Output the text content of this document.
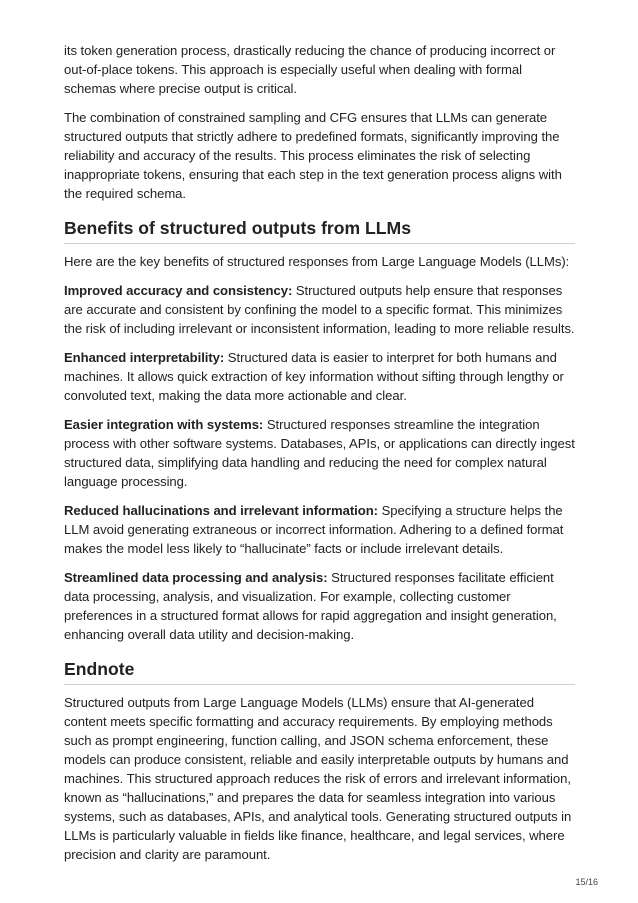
its token generation process, drastically reducing the chance of producing incorrect or out-of-place tokens. This approach is especially useful when dealing with formal schemas where precise output is critical.

The combination of constrained sampling and CFG ensures that LLMs can generate structured outputs that strictly adhere to predefined formats, significantly improving the reliability and accuracy of the results. This process eliminates the risk of selecting inappropriate tokens, ensuring that each step in the text generation process aligns with the required schema.

Benefits of structured outputs from LLMs

Here are the key benefits of structured responses from Large Language Models (LLMs):

Improved accuracy and consistency: Structured outputs help ensure that responses are accurate and consistent by confining the model to a specific format. This minimizes the risk of including irrelevant or inconsistent information, leading to more reliable results.

Enhanced interpretability: Structured data is easier to interpret for both humans and machines. It allows quick extraction of key information without sifting through lengthy or convoluted text, making the data more actionable and clear.

Easier integration with systems: Structured responses streamline the integration process with other software systems. Databases, APIs, or applications can directly ingest structured data, simplifying data handling and reducing the need for complex natural language processing.

Reduced hallucinations and irrelevant information: Specifying a structure helps the LLM avoid generating extraneous or incorrect information. Adhering to a defined format makes the model less likely to “hallucinate” facts or include irrelevant details.

Streamlined data processing and analysis: Structured responses facilitate efficient data processing, analysis, and visualization. For example, collecting customer preferences in a structured format allows for rapid aggregation and insight generation, enhancing overall data utility and decision-making.

Endnote

Structured outputs from Large Language Models (LLMs) ensure that AI-generated content meets specific formatting and accuracy requirements. By employing methods such as prompt engineering, function calling, and JSON schema enforcement, these models can produce consistent, reliable and easily interpretable outputs by humans and machines. This structured approach reduces the risk of errors and irrelevant information, known as “hallucinations,” and prepares the data for seamless integration into various systems, such as databases, APIs, and analytical tools. Generating structured outputs in LLMs is particularly valuable in fields like finance, healthcare, and legal services, where precision and clarity are paramount.

15/16
